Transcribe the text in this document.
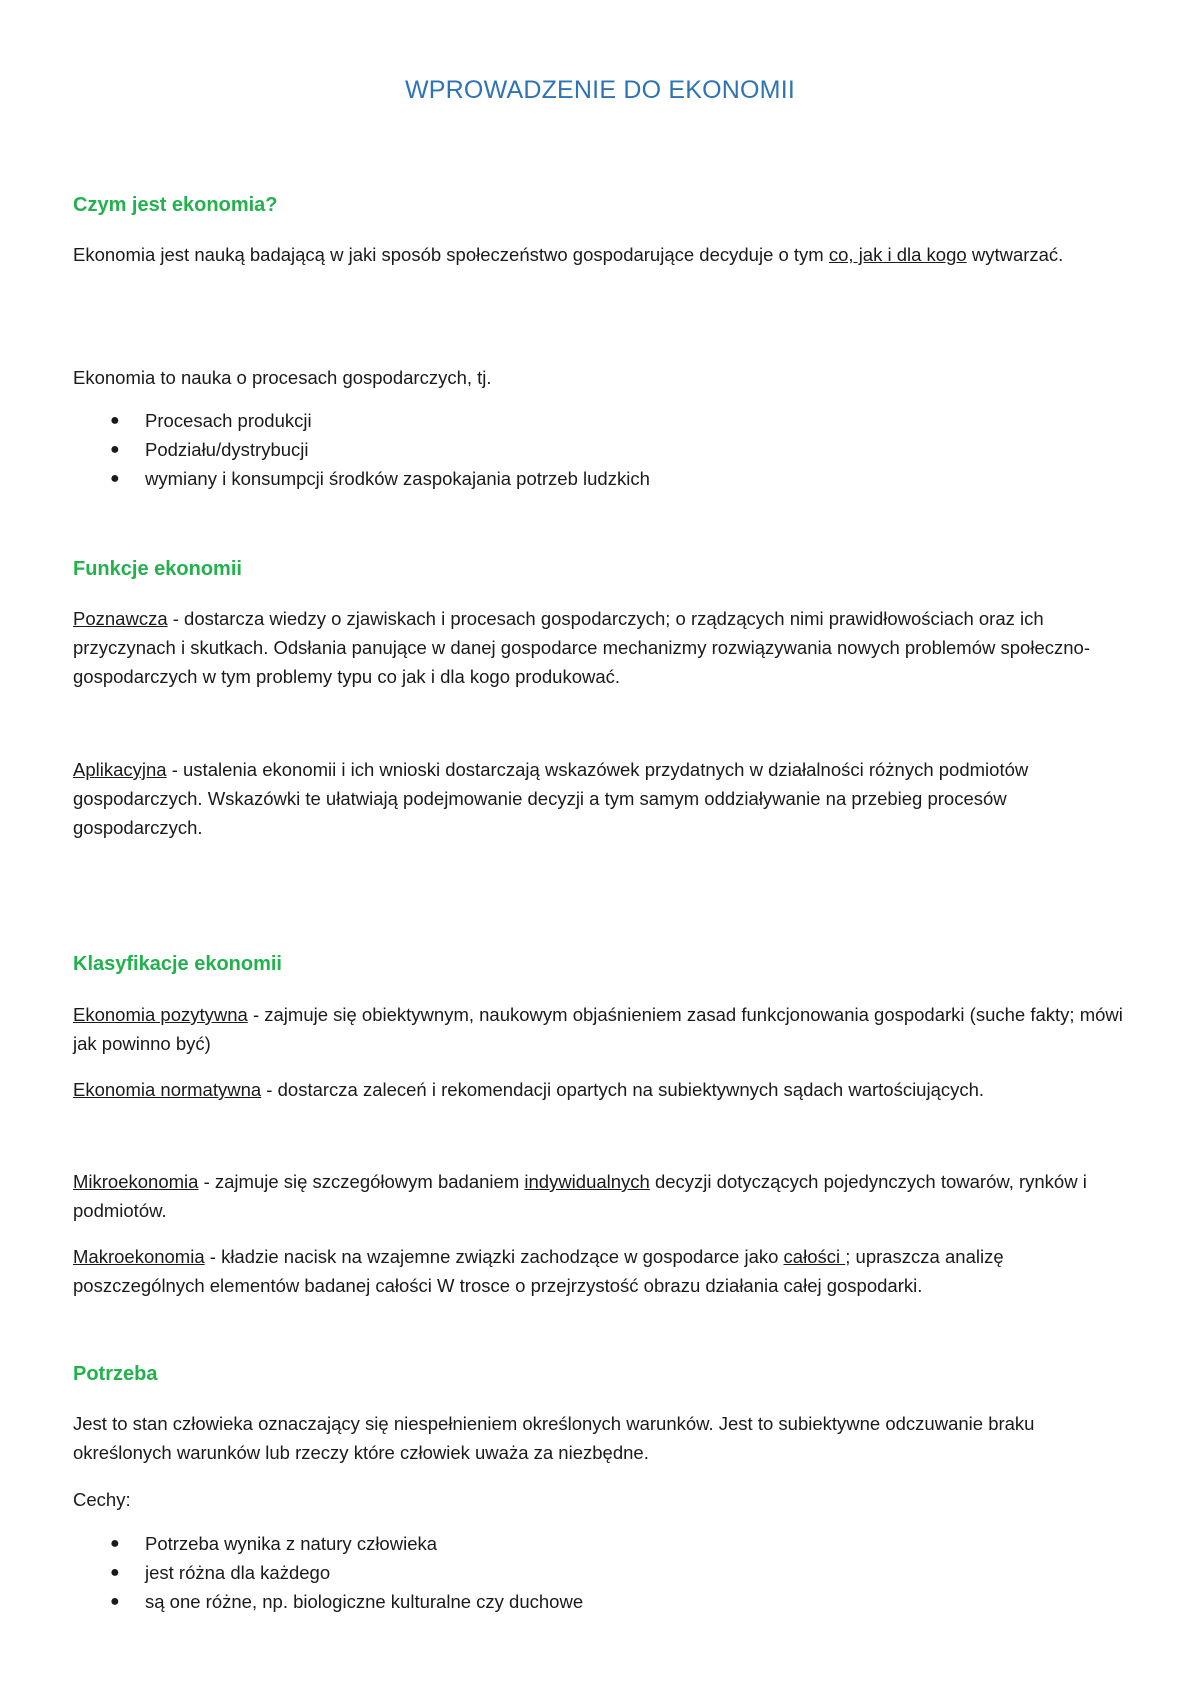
WPROWADZENIE DO EKONOMII
Czym jest ekonomia?

Ekonomia jest nauką badającą w jaki sposób społeczeństwo gospodarujące decyduje o tym co, jak i dla kogo wytwarzać.

Ekonomia to nauka o procesach gospodarczych, tj.

● Procesach produkcji
● Podziału/dystrybucji
● wymiany i konsumpcji środków zaspokajania potrzeb ludzkich
Funkcje ekonomii

Poznawcza - dostarcza wiedzy o zjawiskach i procesach gospodarczych; o rządzących nimi prawidłowościach oraz ich przyczynach i skutkach. Odsłania panujące w danej gospodarce mechanizmy rozwiązywania nowych problemów społeczno-gospodarczych w tym problemy typu co jak i dla kogo produkować.

Aplikacyjna - ustalenia ekonomii i ich wnioski dostarczają wskazówek przydatnych w działalności różnych podmiotów gospodarczych. Wskazówki te ułatwiają podejmowanie decyzji a tym samym oddziaływanie na przebieg procesów gospodarczych.

Klasyfikacje ekonomii

Ekonomia pozytywna - zajmuje się obiektywnym, naukowym objaśnieniem zasad funkcjonowania gospodarki (suche fakty; mówi jak powinno być)

Ekonomia normatywna - dostarcza zaleceń i rekomendacji opartych na subiektywnych sądach wartościujących.

Mikroekonomia - zajmuje się szczegółowym badaniem indywidualnych decyzji dotyczących pojedynczych towarów, rynków i podmiotów.

Makroekonomia - kładzie nacisk na wzajemne związki zachodzące w gospodarce jako całości ; upraszcza analizę poszczególnych elementów badanej całości W trosce o przejrzystość obrazu działania całej gospodarki.

Potrzeba

Jest to stan człowieka oznaczający się niespełnieniem określonych warunków. Jest to subiektywne odczuwanie braku określonych warunków lub rzeczy które człowiek uważa za niezbędne.

Cechy:

● Potrzeba wynika z natury człowieka
● jest różna dla każdego
● są one różne, np. biologiczne kulturalne czy duchowe
